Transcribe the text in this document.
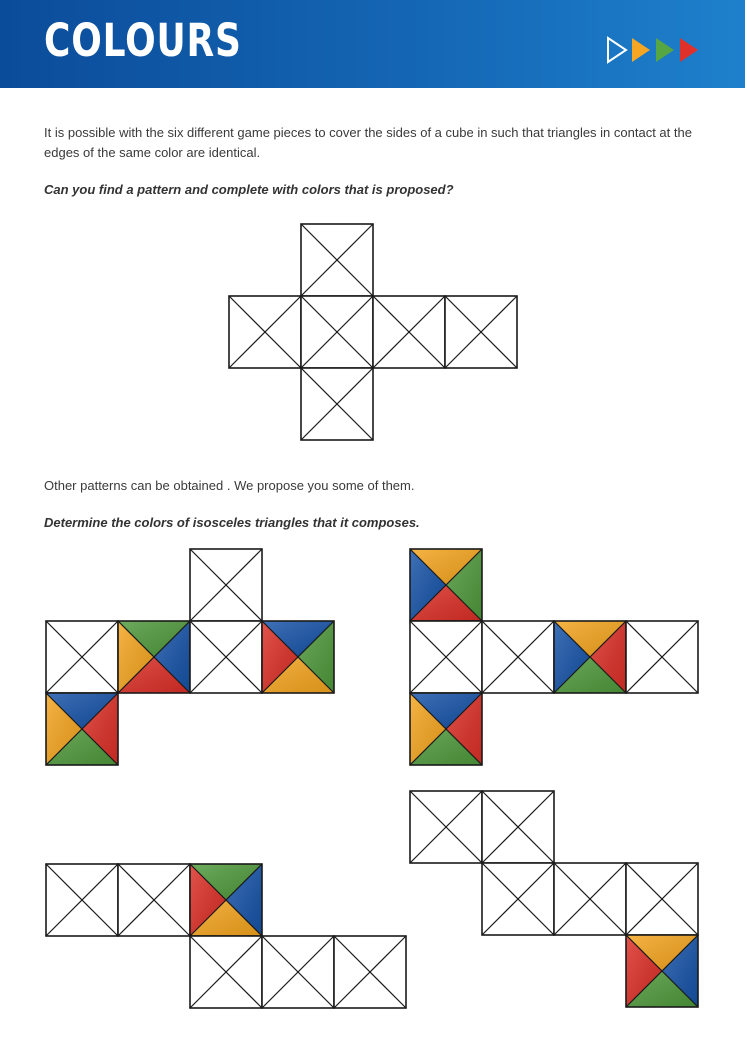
COLOURS

It is possible with the six different game pieces to cover the sides of a cube in such that triangles in contact at the edges of the same color are identical.

Can you find a pattern and complete with colors that is proposed?

Other patterns can be obtained . We propose you some of them.

Determine the colors of isosceles triangles that it composes.
